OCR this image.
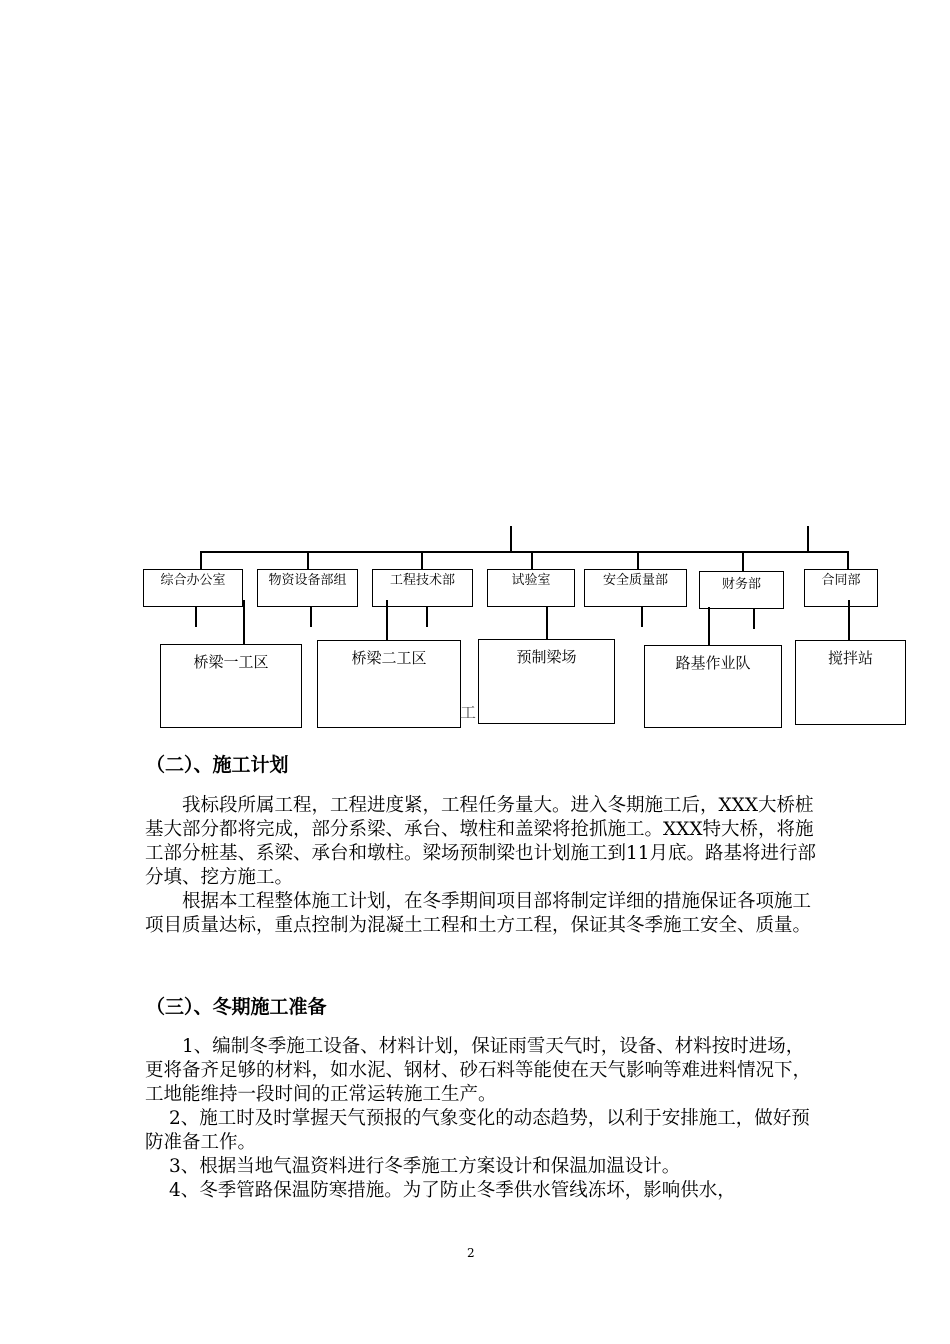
综合办公室	物资设备部组	工程技术部	试验室	安全质量部	财务部	合同部
桥梁一工区	桥梁二工区	预制梁场	路基作业队	搅拌站
工
（二）、施工计划

我标段所属工程，工程进度紧，工程任务量大。进入冬期施工后，XXX大桥桩基大部分都将完成，部分系梁、承台、墩柱和盖梁将抢抓施工。XXX特大桥，将施工部分桩基、系梁、承台和墩柱。梁场预制梁也计划施工到11月底。路基将进行部分填、挖方施工。

根据本工程整体施工计划，在冬季期间项目部将制定详细的措施保证各项施工项目质量达标，重点控制为混凝土工程和土方工程，保证其冬季施工安全、质量。

（三）、冬期施工准备

1、编制冬季施工设备、材料计划，保证雨雪天气时，设备、材料按时进场，更将备齐足够的材料，如水泥、钢材、砂石料等能使在天气影响等难进料情况下，工地能维持一段时间的正常运转施工生产。

2、施工时及时掌握天气预报的气象变化的动态趋势，以利于安排施工，做好预防准备工作。

3、根据当地气温资料进行冬季施工方案设计和保温加温设计。

4、冬季管路保温防寒措施。为了防止冬季供水管线冻坏，影响供水，

2
